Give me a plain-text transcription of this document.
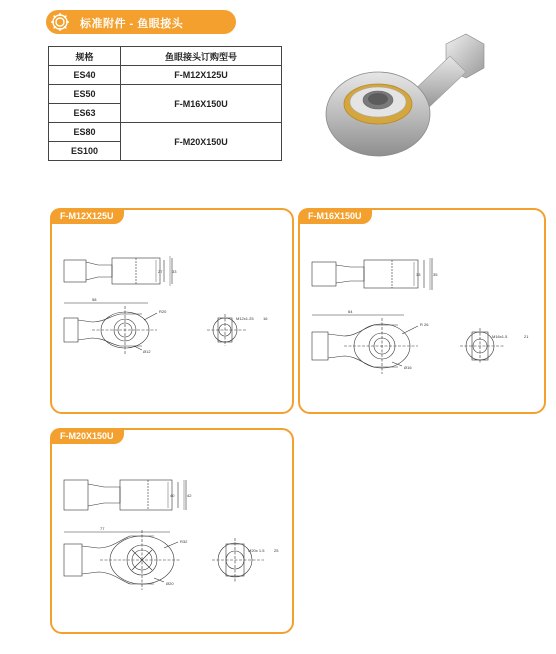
标准附件 - 鱼眼接头
规格	鱼眼接头订购型号
ES40	F-M12X125U
ES50	F-M16X150U
ES63	
ES80	F-M20X150U
ES100	
F-M12X125U
27 33
58
R20
Ø12
M12x1.25 16
F-M16X150U
33	35
64
R 26
Ø16
M16x1.5	21
F-M20X150U
40	42
77
R32
Ø20
M20x 1.5 25
